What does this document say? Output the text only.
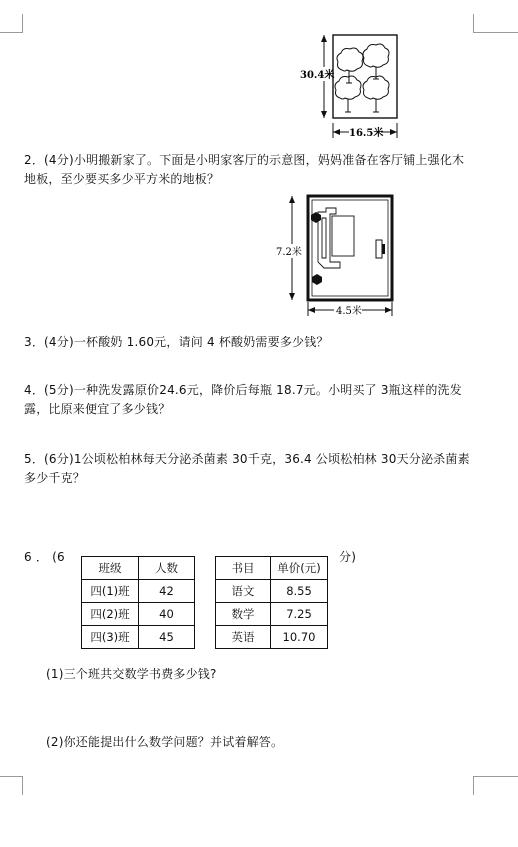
30.4米
16.5米
2．(4分)小明搬新家了。下面是小明家客厅的示意图，妈妈准备在客厅铺上强化木地板，至少要买多少平方米的地板？
7.2米
4.5米
3．(4分)一杯酸奶 1.60元，请问 4 杯酸奶需要多少钱？
4．(5分)一种洗发露原价24.6元，降价后每瓶 18.7元。小明买了 3瓶这样的洗发露，比原来便宜了多少钱？
5．(6分)1公顷松柏林每天分泌杀菌素 30千克，36.4 公顷松柏林 30天分泌杀菌素多少千克？
6 ． (6	分)
班级	人数
四(1)班	42
四(2)班	40
四(3)班	45
书目	单价(元)
语文	8.55
数学	7.25
英语	10.70
(1)三个班共交数学书费多少钱?
(2)你还能提出什么数学问题？并试着解答。
